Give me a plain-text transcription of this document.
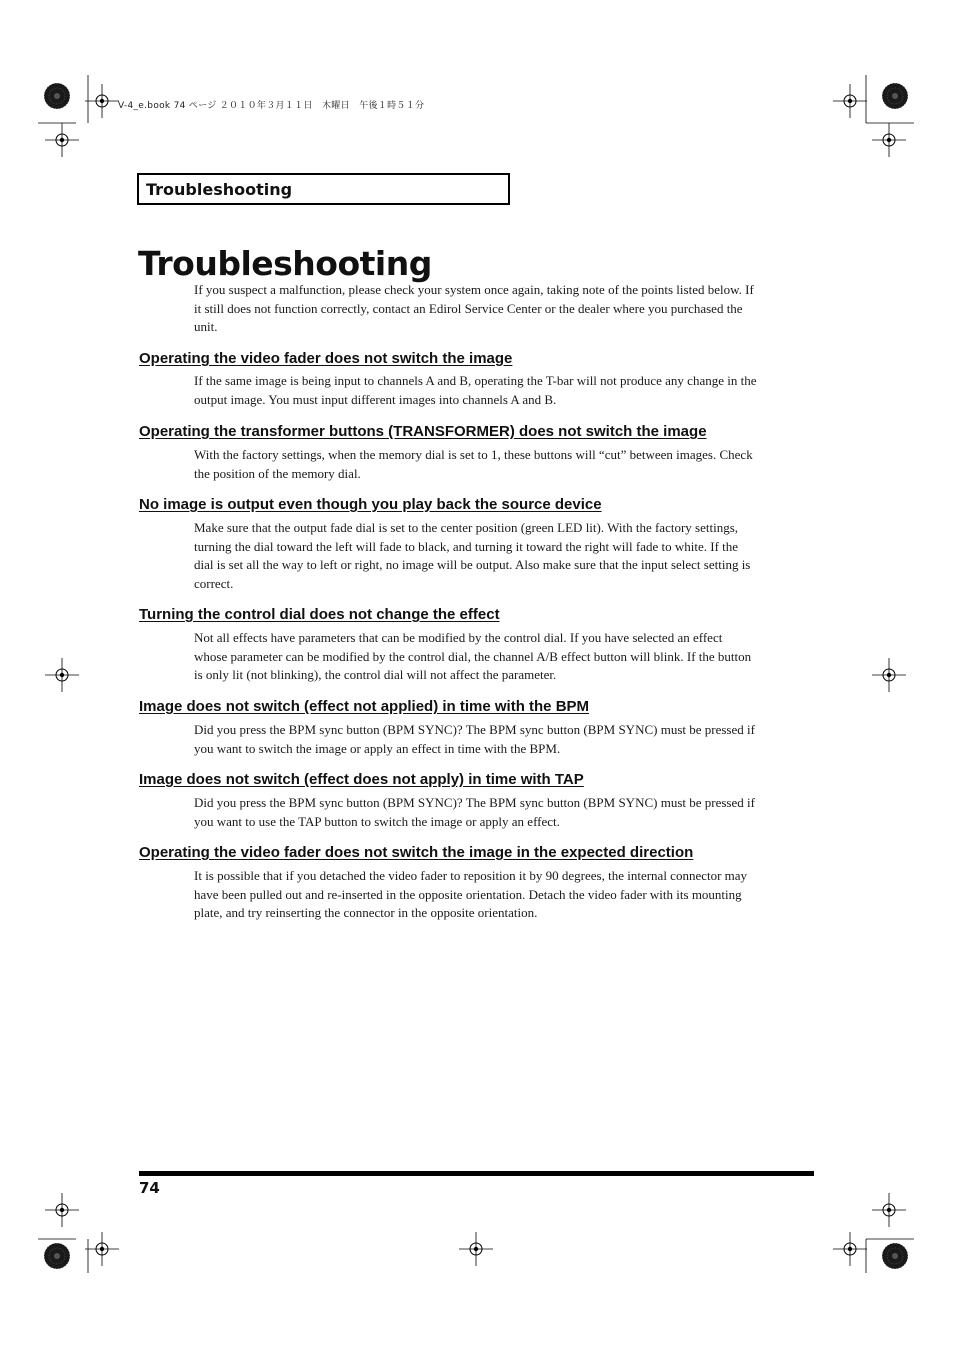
V-4_e.book 74 ページ ２０１０年３月１１日　木曜日　午後１時５１分
Troubleshooting
Troubleshooting

If you suspect a malfunction, please check your system once again, taking note of the points listed below. If it still does not function correctly, contact an Edirol Service Center or the dealer where you purchased the unit.

Operating the video fader does not switch the image

If the same image is being input to channels A and B, operating the T-bar will not produce any change in the output image. You must input different images into channels A and B.

Operating the transformer buttons (TRANSFORMER) does not switch the image

With the factory settings, when the memory dial is set to 1, these buttons will “cut” between images. Check the position of the memory dial.

No image is output even though you play back the source device

Make sure that the output fade dial is set to the center position (green LED lit). With the factory settings, turning the dial toward the left will fade to black, and turning it toward the right will fade to white. If the dial is set all the way to left or right, no image will be output. Also make sure that the input select setting is correct.

Turning the control dial does not change the effect

Not all effects have parameters that can be modified by the control dial. If you have selected an effect whose parameter can be modified by the control dial, the channel A/B effect button will blink. If the button is only lit (not blinking), the control dial will not affect the parameter.

Image does not switch (effect not applied) in time with the BPM

Did you press the BPM sync button (BPM SYNC)? The BPM sync button (BPM SYNC) must be pressed if you want to switch the image or apply an effect in time with the BPM.

Image does not switch (effect does not apply) in time with TAP

Did you press the BPM sync button (BPM SYNC)? The BPM sync button (BPM SYNC) must be pressed if you want to use the TAP button to switch the image or apply an effect.

Operating the video fader does not switch the image in the expected direction

It is possible that if you detached the video fader to reposition it by 90 degrees, the internal connector may have been pulled out and re-inserted in the opposite orientation. Detach the video fader with its mounting plate, and try reinserting the connector in the opposite orientation.

74
